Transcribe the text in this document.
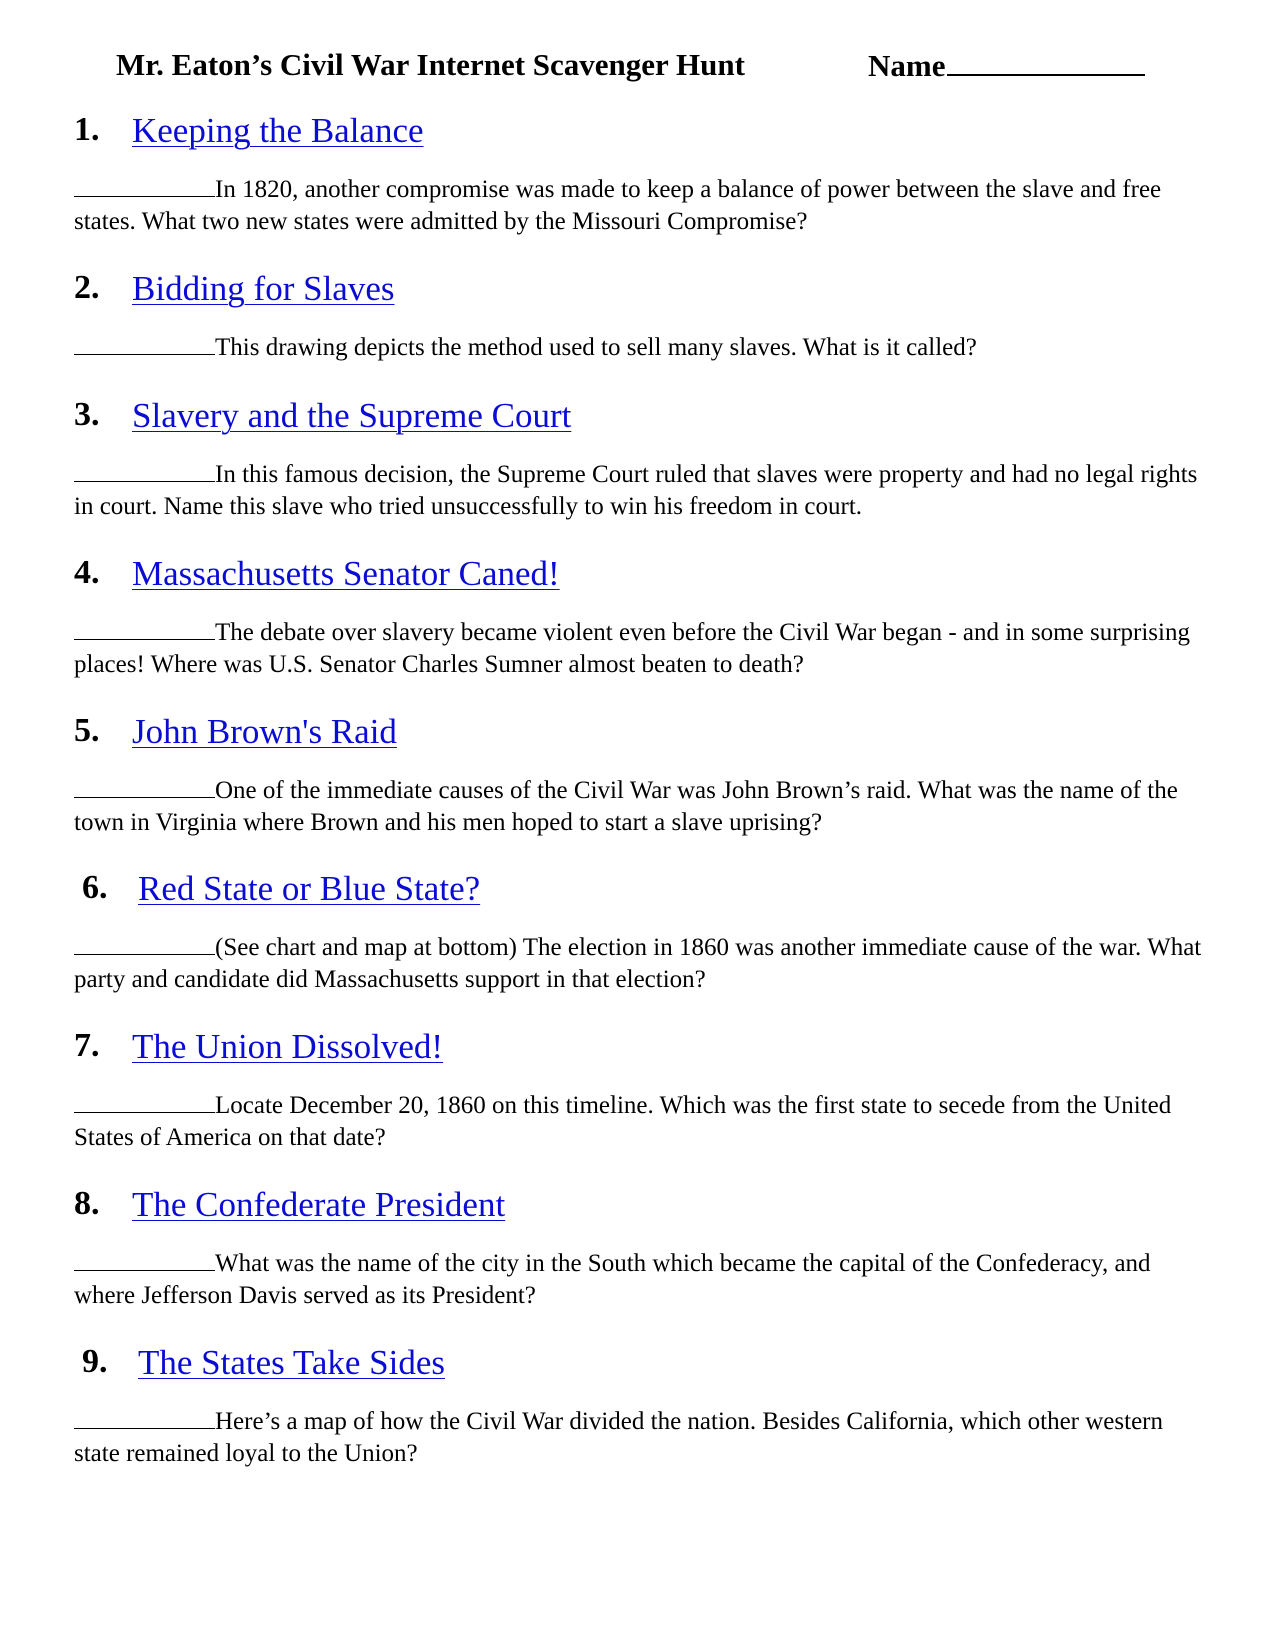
Mr. Eaton’s Civil War Internet Scavenger Hunt	Name
1. Keeping the Balance
In 1820, another compromise was made to keep a balance of power between the slave and free states. What two new states were admitted by the Missouri Compromise?
2. Bidding for Slaves
This drawing depicts the method used to sell many slaves. What is it called?
3. Slavery and the Supreme Court
In this famous decision, the Supreme Court ruled that slaves were property and had no legal rights in court. Name this slave who tried unsuccessfully to win his freedom in court.
4. Massachusetts Senator Caned!
The debate over slavery became violent even before the Civil War began - and in some surprising places! Where was U.S. Senator Charles Sumner almost beaten to death?
5. John Brown's Raid
One of the immediate causes of the Civil War was John Brown’s raid. What was the name of the town in Virginia where Brown and his men hoped to start a slave uprising?
6. Red State or Blue State?
(See chart and map at bottom) The election in 1860 was another immediate cause of the war. What party and candidate did Massachusetts support in that election?
7. The Union Dissolved!
Locate December 20, 1860 on this timeline. Which was the first state to secede from the United States of America on that date?
8. The Confederate President
What was the name of the city in the South which became the capital of the Confederacy, and where Jefferson Davis served as its President?
9. The States Take Sides
Here’s a map of how the Civil War divided the nation. Besides California, which other western state remained loyal to the Union?
